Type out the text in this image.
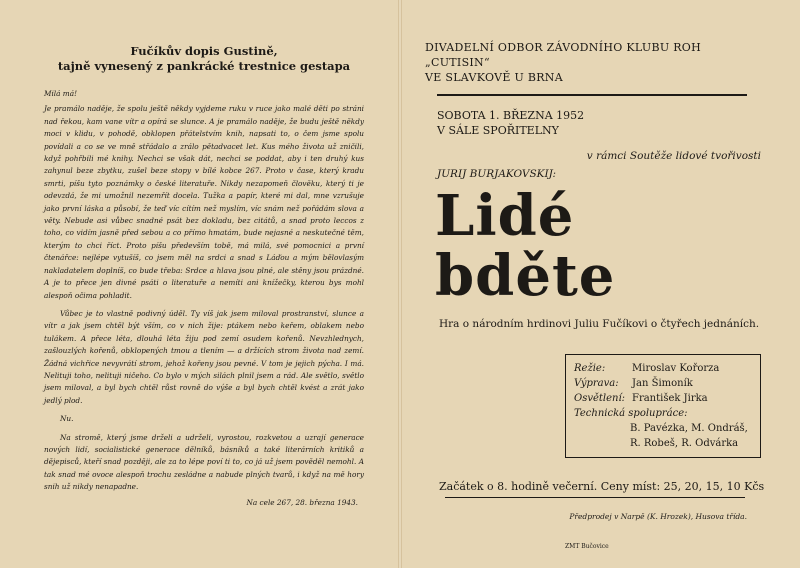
Fučíkův dopis Gustině,
tajně vynesený z pankrácké trestnice gestapa

Milá má!

Je pramálo naděje, že spolu ještě někdy vyjdeme ruku v ruce jako malé děti po stráni nad řekou, kam vane vítr a opírá se slunce. A je pramálo naděje, že budu ještě někdy moci v klidu, v pohodě, obklopen přátelstvím knih, napsati to, o čem jsme spolu povídali a co se ve mně střádalo a zrálo pětadvacet let. Kus mého života už zničili, když pohřbili mé knihy. Nechci se však dát, nechci se poddat, aby i ten druhý kus zahynul beze zbytku, zušel beze stopy v bílé kobce 267. Proto v čase, který kradu smrti, píšu tyto poznámky o české literatuře. Nikdy nezapomeň člověku, který ti je odevzdá, že mi umožnil nezemřít docela. Tužka a papír, které mi dal, mne vzrušuje jako první láska a působí, že teď víc cítím než myslím, víc snám než pořádám slova a věty. Nebude asi vůbec snadné psát bez dokladu, bez citátů, a snad proto leccos z toho, co vidím jasně před sebou a co přímo hmatám, bude nejasné a neskutečné těm, kterým to chci říct. Proto píšu především tobě, má milá, své pomocnici a první čtenářce: nejlépe vytušíš, co jsem měl na srdci a snad s Láďou a mým bělovlasým nakladatelem doplníš, co bude třeba: Srdce a hlava jsou plné, ale stěny jsou prázdné. A je to přece jen divné psáti o literatuře a nemíti ani knížečky, kterou bys mohl alespoň očima pohladit.

Vůbec je to vlastně podivný úděl. Ty víš jak jsem miloval prostranství, slunce a vítr a jak jsem chtěl být vším, co v nich žije: ptákem nebo keřem, oblakem nebo tulákem. A přece léta, dlouhá léta žiju pod zemí osudem kořenů. Nevzhlednych, zašlouzlých kořenů, obklopených tmou a tlením — a držících strom života nad zemí. Žádná vichřice nevyvrátí strom, jehož kořeny jsou pevné. V tom je jejich pýcha. I má. Nelituji toho, nelituji ničeho. Co bylo v mých silách plnil jsem a rád. Ale světlo, světlo jsem miloval, a byl bych chtěl růst rovně do výše a byl bych chtěl kvést a zrát jako jedlý plod.

Nu.

Na stromě, který jsme drželi a udrželi, vyrostou, rozkvetou a uzrají generace nových lidí, socialistické generace dělníků, básníků a také literárních kritiků a dějepisců, kteří snad později, ale za to lépe poví ti to, co já už jsem pověděl nemohl. A tak snad mé ovoce alespoň trochu zesládne a nabude plných tvarů, i když na mě hory snih už nikdy nenapadne.

Na cele 267, 28. března 1943.
DIVADELNÍ ODBOR ZÁVODNÍHO KLUBU ROH „CUTISIN“
VE SLAVKOVĚ U BRNA
SOBOTA 1. BŘEZNA 1952
V SÁLE SPOŘITELNY
v rámci Soutěže lidové tvořivosti
JURIJ BURJAKOVSKIJ:
Lidé bděte
Hra o národním hrdinovi Juliu Fučíkovi o čtyřech jednáních.
Režie:	Miroslav Kořorza
Výprava:	Jan Šimoník
Osvětlení: František Jirka
Technická spolupráce:
B. Pavézka, M. Ondráš,
R. Robeš, R. Odvárka
Začátek o 8. hodině večerní. Ceny míst: 25, 20, 15, 10 Kčs
Předprodej v Narpě (K. Hrozek), Husova třída.
ZMT Bučovice
